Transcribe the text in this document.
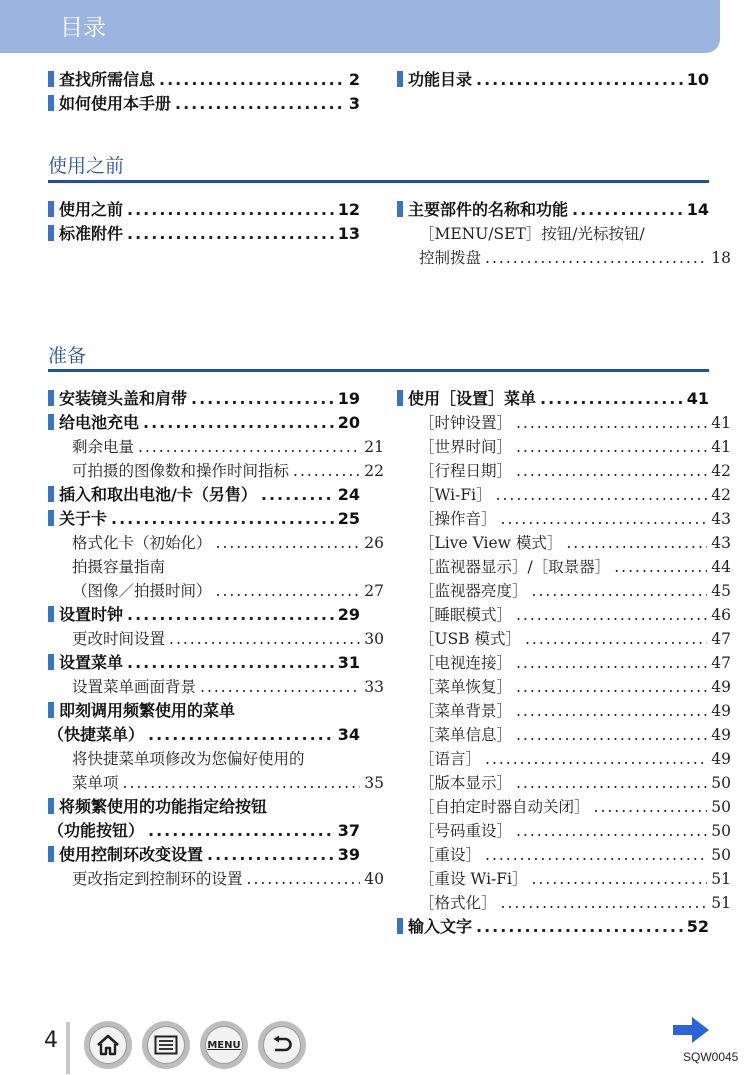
目录
查找所需信息 .....	2
如何使用本手册 .....	3
功能目录 .....	10
使用之前
使用之前 .....	12
标准附件 .....	13
主要部件的名称和功能 .....	14
［MENU/SET］按钮/光标按钮/
控制拨盘 .....	18
准备
安装镜头盖和肩带 .....	19
给电池充电 .....	20
剩余电量 .....	21
可拍摄的图像数和操作时间指标 .....	22
插入和取出电池/卡（另售） .....	24
关于卡 .....	25
格式化卡（初始化） .....	26
拍摄容量指南
（图像／拍摄时间） .....	27
设置时钟 .....	29
更改时间设置 .....	30
设置菜单 .....	31
设置菜单画面背景 .....	33
即刻调用频繁使用的菜单
（快捷菜单） .....	34
将快捷菜单项修改为您偏好使用的
菜单项 .....	35
将频繁使用的功能指定给按钮
（功能按钮） .....	37
使用控制环改变设置 .....	39
更改指定到控制环的设置 .....	40
使用［设置］菜单 .....	41
［时钟设置］ .....	41
［世界时间］ .....	41
［行程日期］ .....	42
［Wi-Fi］ .....	42
［操作音］ .....	43
［Live View 模式］ .....	43
［监视器显示］/［取景器］ .....	44
［监视器亮度］ .....	45
［睡眠模式］ .....	46
［USB 模式］ .....	47
［电视连接］ .....	47
［菜单恢复］ .....	49
［菜单背景］ .....	49
［菜单信息］ .....	49
［语言］ .....	49
［版本显示］ .....	50
［自拍定时器自动关闭］ .....	50
［号码重设］ .....	50
［重设］ .....	50
［重设 Wi-Fi］ .....	51
［格式化］ .....	51
输入文字 .....	52
4	MENU
SQW0045
